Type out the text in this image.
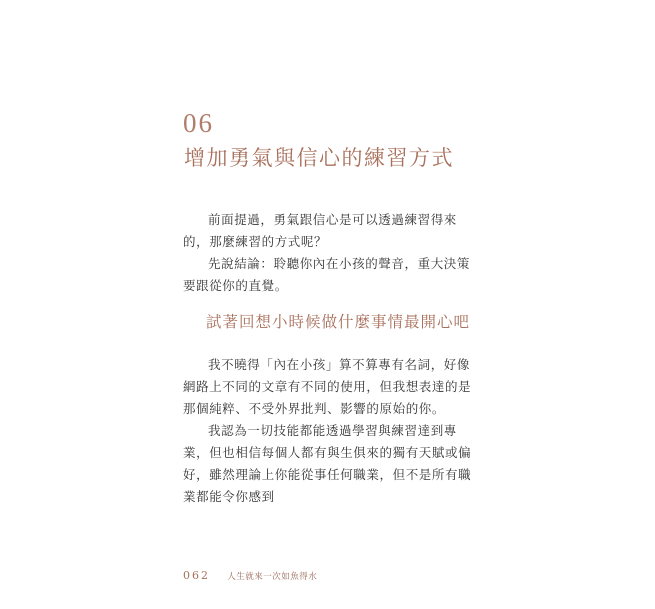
06
增加勇氣與信心的練習方式

前面提過，勇氣跟信心是可以透過練習得來的，那麼練習的方式呢？

先說結論：聆聽你內在小孩的聲音，重大決策要跟從你的直覺。

試著回想小時候做什麼事情最開心吧

我不曉得「內在小孩」算不算專有名詞，好像網路上不同的文章有不同的使用，但我想表達的是那個純粹、不受外界批判、影響的原始的你。

我認為一切技能都能透過學習與練習達到專業，但也相信每個人都有與生俱來的獨有天賦或偏好，雖然理論上你能從事任何職業，但不是所有職業都能令你感到

062 人生就來一次如魚得水
